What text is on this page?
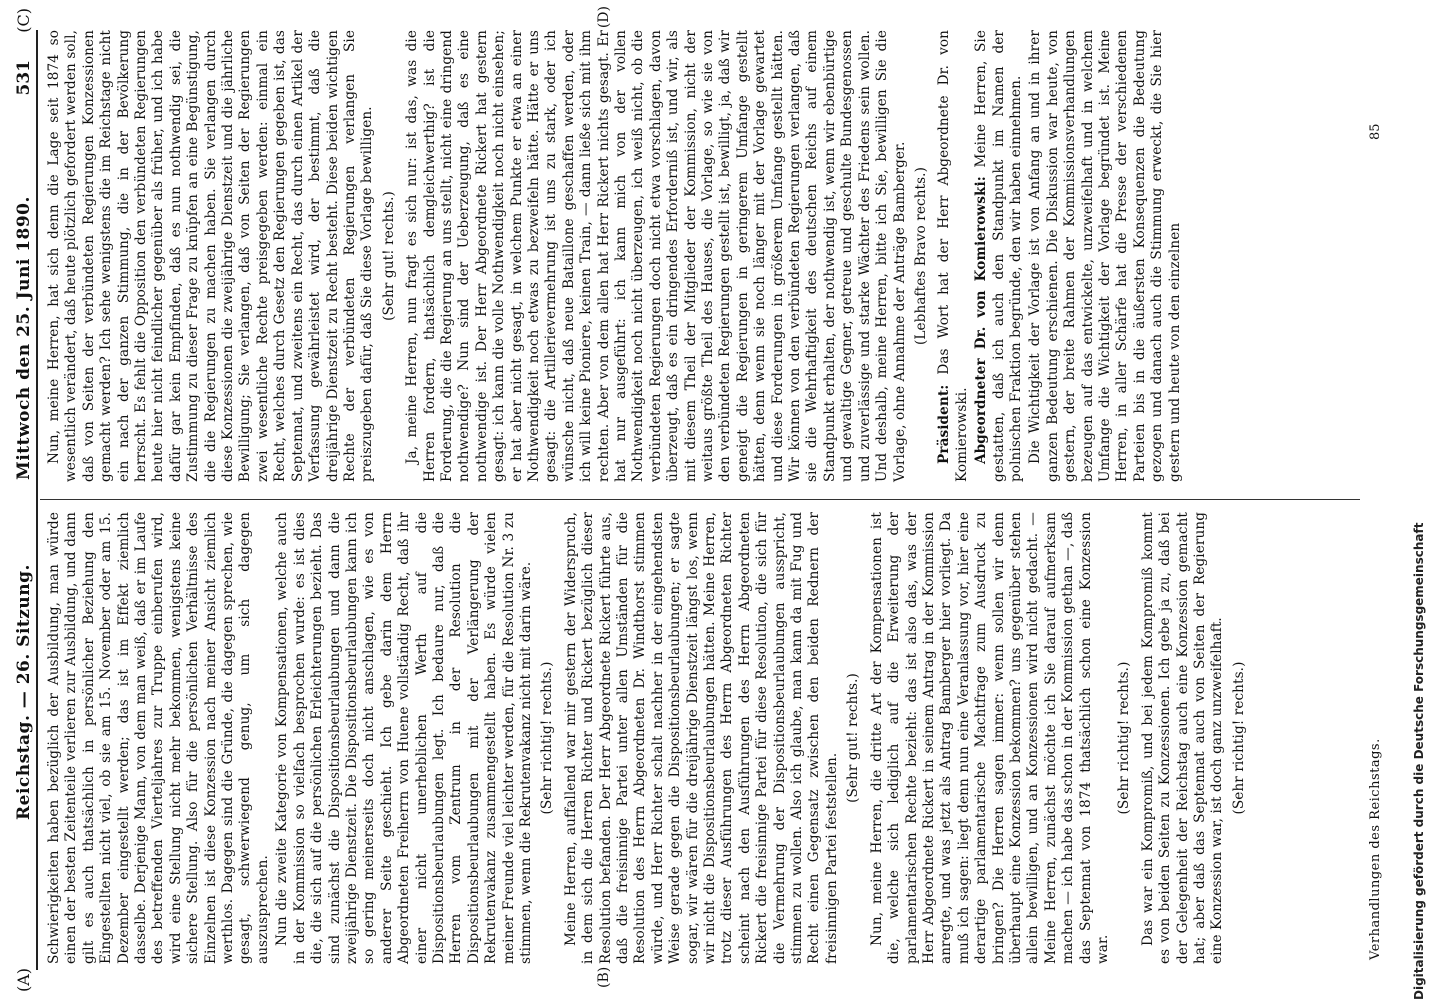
(A)
Reichstag. — 26. Sitzung.
Mittwoch den 25. Juni 1890.
531
(C)
(B)
(D)

Schwierigkeiten haben bezüglich der Ausbildung, man würde einen der besten Zeitenteile verlieren zur Ausbildung, und dann gilt es auch thatsächlich in persönlicher Beziehung den Eingestellten nicht viel, ob sie am 15. November oder am 15. Dezember eingestellt werden; das ist im Effekt ziemlich dasselbe. Derjenige Mann, von dem man weiß, daß er im Laufe des betreffenden Vierteljahres zur Truppe einberufen wird, wird eine Stellung nicht mehr bekommen, wenigstens keine sichere Stellung. Also für die persönlichen Verhältnisse des Einzelnen ist diese Konzession nach meiner Ansicht ziemlich werthlos. Dagegen sind die Gründe, die dagegen sprechen, wie gesagt, schwerwiegend genug, um sich dagegen auszusprechen. Nun die zweite Kategorie von Kompensationen, welche auch in der Kommission so vielfach besprochen wurde: es ist dies die, die sich auf die persönlichen Erleichterungen bezieht. Das sind zunächst die Dispositionsbeurlaubungen und dann die zweijährige Dienstzeit. Die Dispositionsbeurlaubungen kann ich so gering meinerseits doch nicht anschlagen, wie es von anderer Seite geschieht. Ich gebe darin dem Herrn Abgeordneten Freiherrn von Huene vollständig Recht, daß ihr einer nicht unerheblichen Werth auf die Dispositionsbeurlaubungen legt. Ich bedaure nur, daß die Herren vom Zentrum in der Resolution die Dispositionsbeurlaubungen mit der Verlängerung der Rekrutenvakanz zusammengestellt haben. Es würde vielen meiner Freunde viel leichter werden, für die Resolution Nr. 3 zu stimmen, wenn die Rekrutenvakanz nicht mit darin wäre. (Sehr richtig! rechts.) Meine Herren, auffallend war mir gestern der Widerspruch, in dem sich die Herren Richter und Rickert bezüglich dieser Resolution befanden. Der Herr Abgeordnete Rickert führte aus, daß die freisinnige Partei unter allen Umständen für die Resolution des Herrn Abgeordneten Dr. Windthorst stimmen würde, und Herr Richter schalt nachher in der eingehendsten Weise gerade gegen die Dispositionsbeurlaubungen; er sagte sogar, wir wären für die dreijährige Dienstzeit längst los, wenn wir nicht die Dispositionsbeurlaubungen hätten. Meine Herren, trotz dieser Ausführungen des Herrn Abgeordneten Richter scheint nach den Ausführungen des Herrn Abgeordneten Rickert die freisinnige Partei für diese Resolution, die sich für die Vermehrung der Dispositionsbeurlaubungen ausspricht, stimmen zu wollen. Also ich glaube, man kann da mit Fug und Recht einen Gegensatz zwischen den beiden Rednern der freisinnigen Partei feststellen.

(Sehr gut! rechts.) Nun, meine Herren, die dritte Art der Kompensationen ist die, welche sich lediglich auf die Erweiterung der parlamentarischen Rechte bezieht: das ist also das, was der Herr Abgeordnete Rickert in seinem Antrag in der Kommission anregte, und was jetzt als Antrag Bamberger hier vorliegt. Da muß ich sagen: liegt denn nun eine Veranlassung vor, hier eine derartige parlamentarische Machtfrage zum Ausdruck zu bringen? Die Herren sagen immer: wenn sollen wir denn überhaupt eine Konzession bekommen? uns gegenüber stehen allein bewilligen, und an Konzessionen wird nicht gedacht. — Meine Herren, zunächst möchte ich Sie darauf aufmerksam machen — ich habe das schon in der Kommission gethan —, daß das Septennat von 1874 thatsächlich schon eine Konzession war.

(Sehr richtig! rechts.) Das war ein Kompromiß, und bei jedem Kompromiß kommt es von beiden Seiten zu Konzessionen. Ich gebe ja zu, daß bei der Gelegenheit der Reichstag auch eine Konzession gemacht hat; aber daß das Septennat auch von Seiten der Regierung eine Konzession war, ist doch ganz unzweifelhaft. (Sehr richtig! rechts.)

Nun, meine Herren, hat sich denn die Lage seit 1874 so wesentlich verändert, daß heute plötzlich gefordert werden soll, daß von Seiten der verbündeten Regierungen Konzessionen gemacht werden? Ich sehe wenigstens die im Reichstage nicht ein nach der ganzen Stimmung, die in der Bevölkerung herrscht. Es fehlt die Opposition den verbündeten Regierungen heute hier nicht feindlicher gegenüber als früher, und ich habe dafür gar kein Empfinden, daß es nun nothwendig sei, die Zustimmung zu dieser Frage zu knüpfen an eine Begünstigung, die die Regierungen zu machen haben. Sie verlangen durch diese Konzessionen die zweijährige Dienstzeit und die jährliche Bewilligung; Sie verlangen, daß von Seiten der Regierungen zwei wesentliche Rechte preisgegeben werden: einmal ein Recht, welches durch Gesetz den Regierungen gegeben ist, das Septennat, und zweitens ein Recht, das durch einen Artikel der Verfassung gewährleistet wird, der bestimmt, daß die dreijährige Dienstzeit zu Recht besteht. Diese beiden wichtigen Rechte der verbündeten Regierungen verlangen Sie preiszugeben dafür, daß Sie diese Vorlage bewilligen. (Sehr gut! rechts.) Ja, meine Herren, nun fragt es sich nur: ist das, was die Herren fordern, thatsächlich demgleichwerthig? ist die Forderung, die die Regierung an uns stellt, nicht eine dringend nothwendige? Nun sind der Ueberzeugung, daß es eine nothwendige ist. Der Herr Abgeordnete Rickert hat gestern gesagt: ich kann die volle Nothwendigkeit noch nicht einsehen; er hat aber nicht gesagt, in welchem Punkte er etwa an einer Nothwendigkeit noch etwas zu bezweifeln hätte. Hätte er uns gesagt: die Artillerievermehrung ist uns zu stark, oder ich wünsche nicht, daß neue Bataillone geschaffen werden, oder ich will keine Pioniere, keinen Train, — dann ließe sich mit ihm rechten. Aber von dem allen hat Herr Rickert nichts gesagt. Er hat nur ausgeführt: ich kann mich von der vollen Nothwendigkeit noch nicht überzeugen, ich weiß nicht, ob die verbündeten Regierungen doch nicht etwa vorschlagen, davon überzeugt, daß es ein dringendes Erforderniß ist, und wir, als mit diesem Theil der Mitglieder der Kommission, nicht der weitaus größte Theil des Hauses, die Vorlage, so wie sie von den verbündeten Regierungen gestellt ist, bewilligt, ja, daß wir geneigt die Regierungen in geringerem Umfange gestellt hätten, denn wenn sie noch länger mit der Vorlage gewartet und diese Forderungen in größerem Umfange gestellt hätten. Wir können von den verbündeten Regierungen verlangen, daß sie die Wehrhaftigkeit des deutschen Reichs auf einem Standpunkt erhalten, der nothwendig ist, wenn wir ebenbürtige und gewaltige Gegner, getreue und geschulte Bundesgenossen und zuverlässige und starke Wächter des Friedens sein wollen. Und deshalb, meine Herren, bitte ich Sie, bewilligen Sie die Vorlage, ohne Annahme der Anträge Bamberger. (Lebhaftes Bravo rechts.)

Präsident: Das Wort hat der Herr Abgeordnete Dr. von Komierowski. Abgeordneter Dr. von Komierowski: Meine Herren, Sie gestatten, daß ich auch den Standpunkt im Namen der polnischen Fraktion begründe, den wir haben einnehmen. Die Wichtigkeit der Vorlage ist von Anfang an und in ihrer ganzen Bedeutung erschienen. Die Diskussion war heute, von gestern, der breite Rahmen der Kommissionsverhandlungen bezeugen auf das entwickelte, unzweifelhaft und in welchem Umfange die Wichtigkeit der Vorlage begründet ist. Meine Herren, in aller Schärfe hat die Presse der verschiedenen Parteien bis in die äußersten Konsequenzen die Bedeutung gezogen und danach auch die Stimmung erweckt, die Sie hier gestern und heute von den einzelnen

Verhandlungen des Reichstags.
85
Digitalisierung gefördert durch die Deutsche Forschungsgemeinschaft
